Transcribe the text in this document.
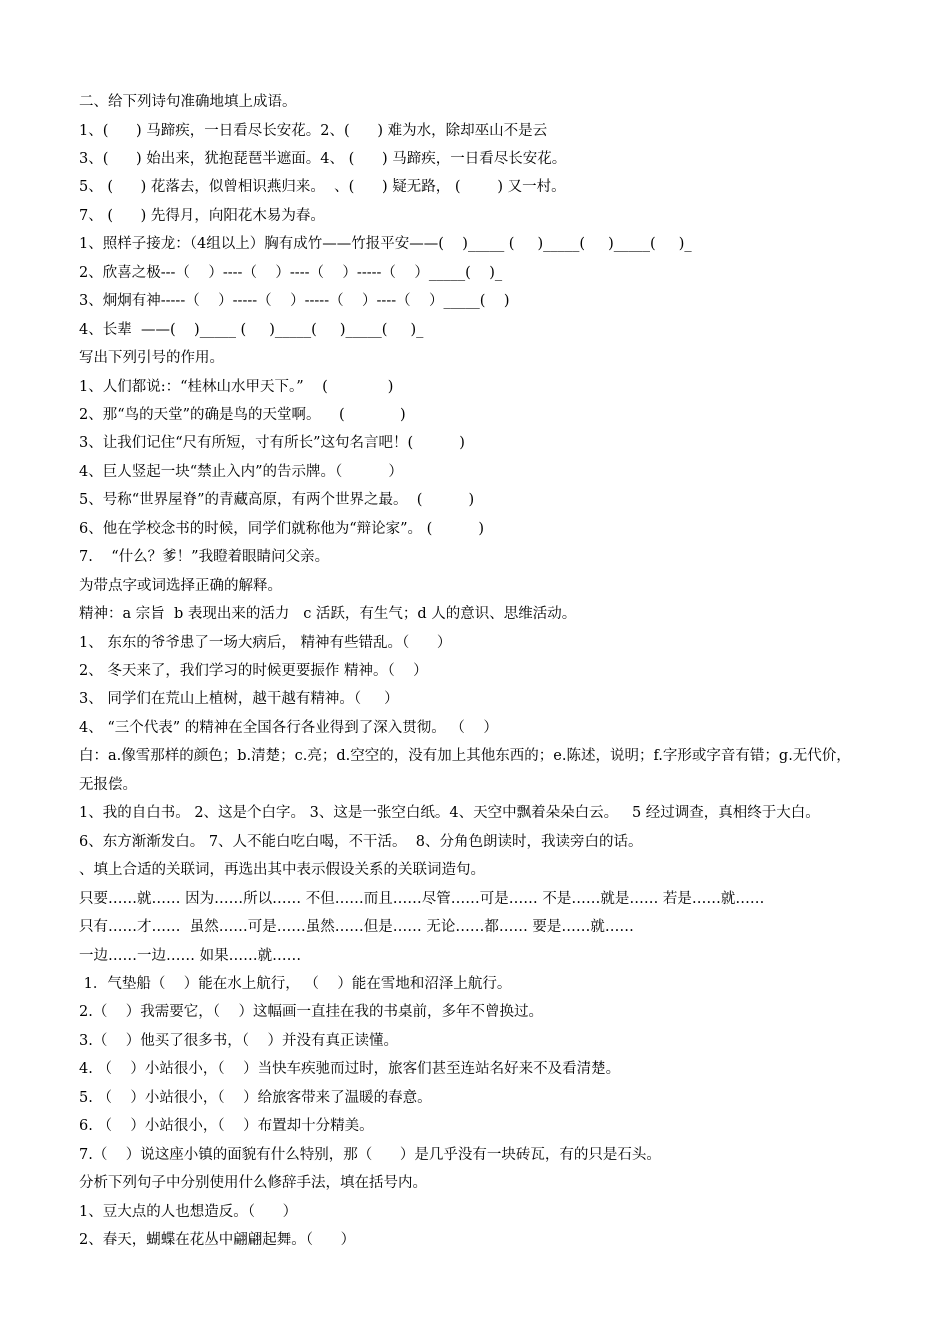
二、给下列诗句准确地填上成语。
1、(      ) 马蹄疾，一日看尽长安花。2、(      ) 难为水，除却巫山不是云
3、(      ) 始出来，犹抱琵琶半遮面。4、 (      ) 马蹄疾，一日看尽长安花。
5、 (      ) 花落去，似曾相识燕归来。  、(      ) 疑无路， (        ) 又一村。
7、 (      ) 先得月，向阳花木易为春。
1、照样子接龙：（4组以上）胸有成竹——竹报平安——(    )_____ (     )_____(     )_____(     )_
2、欣喜之极---（    ）----（    ）----（    ）-----（    ）_____(    )_
3、炯炯有神-----（    ）-----（    ）-----（    ）----（    ）_____(    )
4、长辈  ——(    )_____ (     )_____(     )_____(     )_
写出下列引号的作用。
1、人们都说:：“桂林山水甲天下。”    (             )
2、那“鸟的天堂”的确是鸟的天堂啊。    (            )
3、让我们记住“尺有所短，寸有所长”这句名言吧！(          )
4、巨人竖起一块“禁止入内”的告示牌。（          ）
5、号称“世界屋脊”的青藏高原，有两个世界之最。  (          )
6、他在学校念书的时候，同学们就称他为“辩论家”。 (          )
7.    “什么？爹！”我瞪着眼睛问父亲。
为带点字或词选择正确的解释。
精神：a 宗旨  b 表现出来的活力   c 活跃，有生气；d 人的意识、思维活动。
1、 东东的爷爷患了一场大病后， 精神有些错乱。（      ）
2、 冬天来了，我们学习的时候更要振作 精神。（    ）
3、 同学们在荒山上植树，越干越有精神。（     ）
4、 “三个代表” 的精神在全国各行各业得到了深入贯彻。 （    ）
白：a.像雪那样的颜色；b.清楚；c.亮；d.空空的，没有加上其他东西的；e.陈述，说明；f.字形或字音有错；g.无代价，
无报偿。
1、我的自白书。 2、这是个白字。 3、这是一张空白纸。4、天空中飘着朵朵白云。   5 经过调查，真相终于大白。
6、东方渐渐发白。 7、人不能白吃白喝，不干活。  8、分角色朗读时，我读旁白的话。
、填上合适的关联词，再选出其中表示假设关系的关联词造句。
只要……就…… 因为……所以…… 不但……而且……尽管……可是…… 不是……就是…… 若是……就……
只有……才……  虽然……可是……虽然……但是…… 无论……都…… 要是……就……
一边……一边…… 如果……就……
1．气垫船（    ）能在水上航行， （    ）能在雪地和沼泽上航行。
2.（    ）我需要它，（    ）这幅画一直挂在我的书桌前，多年不曾换过。
3.（    ）他买了很多书，（    ）并没有真正读懂。
4. （    ）小站很小，（    ）当快车疾驰而过时，旅客们甚至连站名好来不及看清楚。
5. （    ）小站很小，（    ）给旅客带来了温暖的春意。
6. （    ）小站很小，（    ）布置却十分精美。
7.（    ）说这座小镇的面貌有什么特别，那（      ）是几乎没有一块砖瓦，有的只是石头。
分析下列句子中分别使用什么修辞手法，填在括号内。
1、豆大点的人也想造反。（      ）
2、春天，蝴蝶在花丛中翩翩起舞。（      ）
